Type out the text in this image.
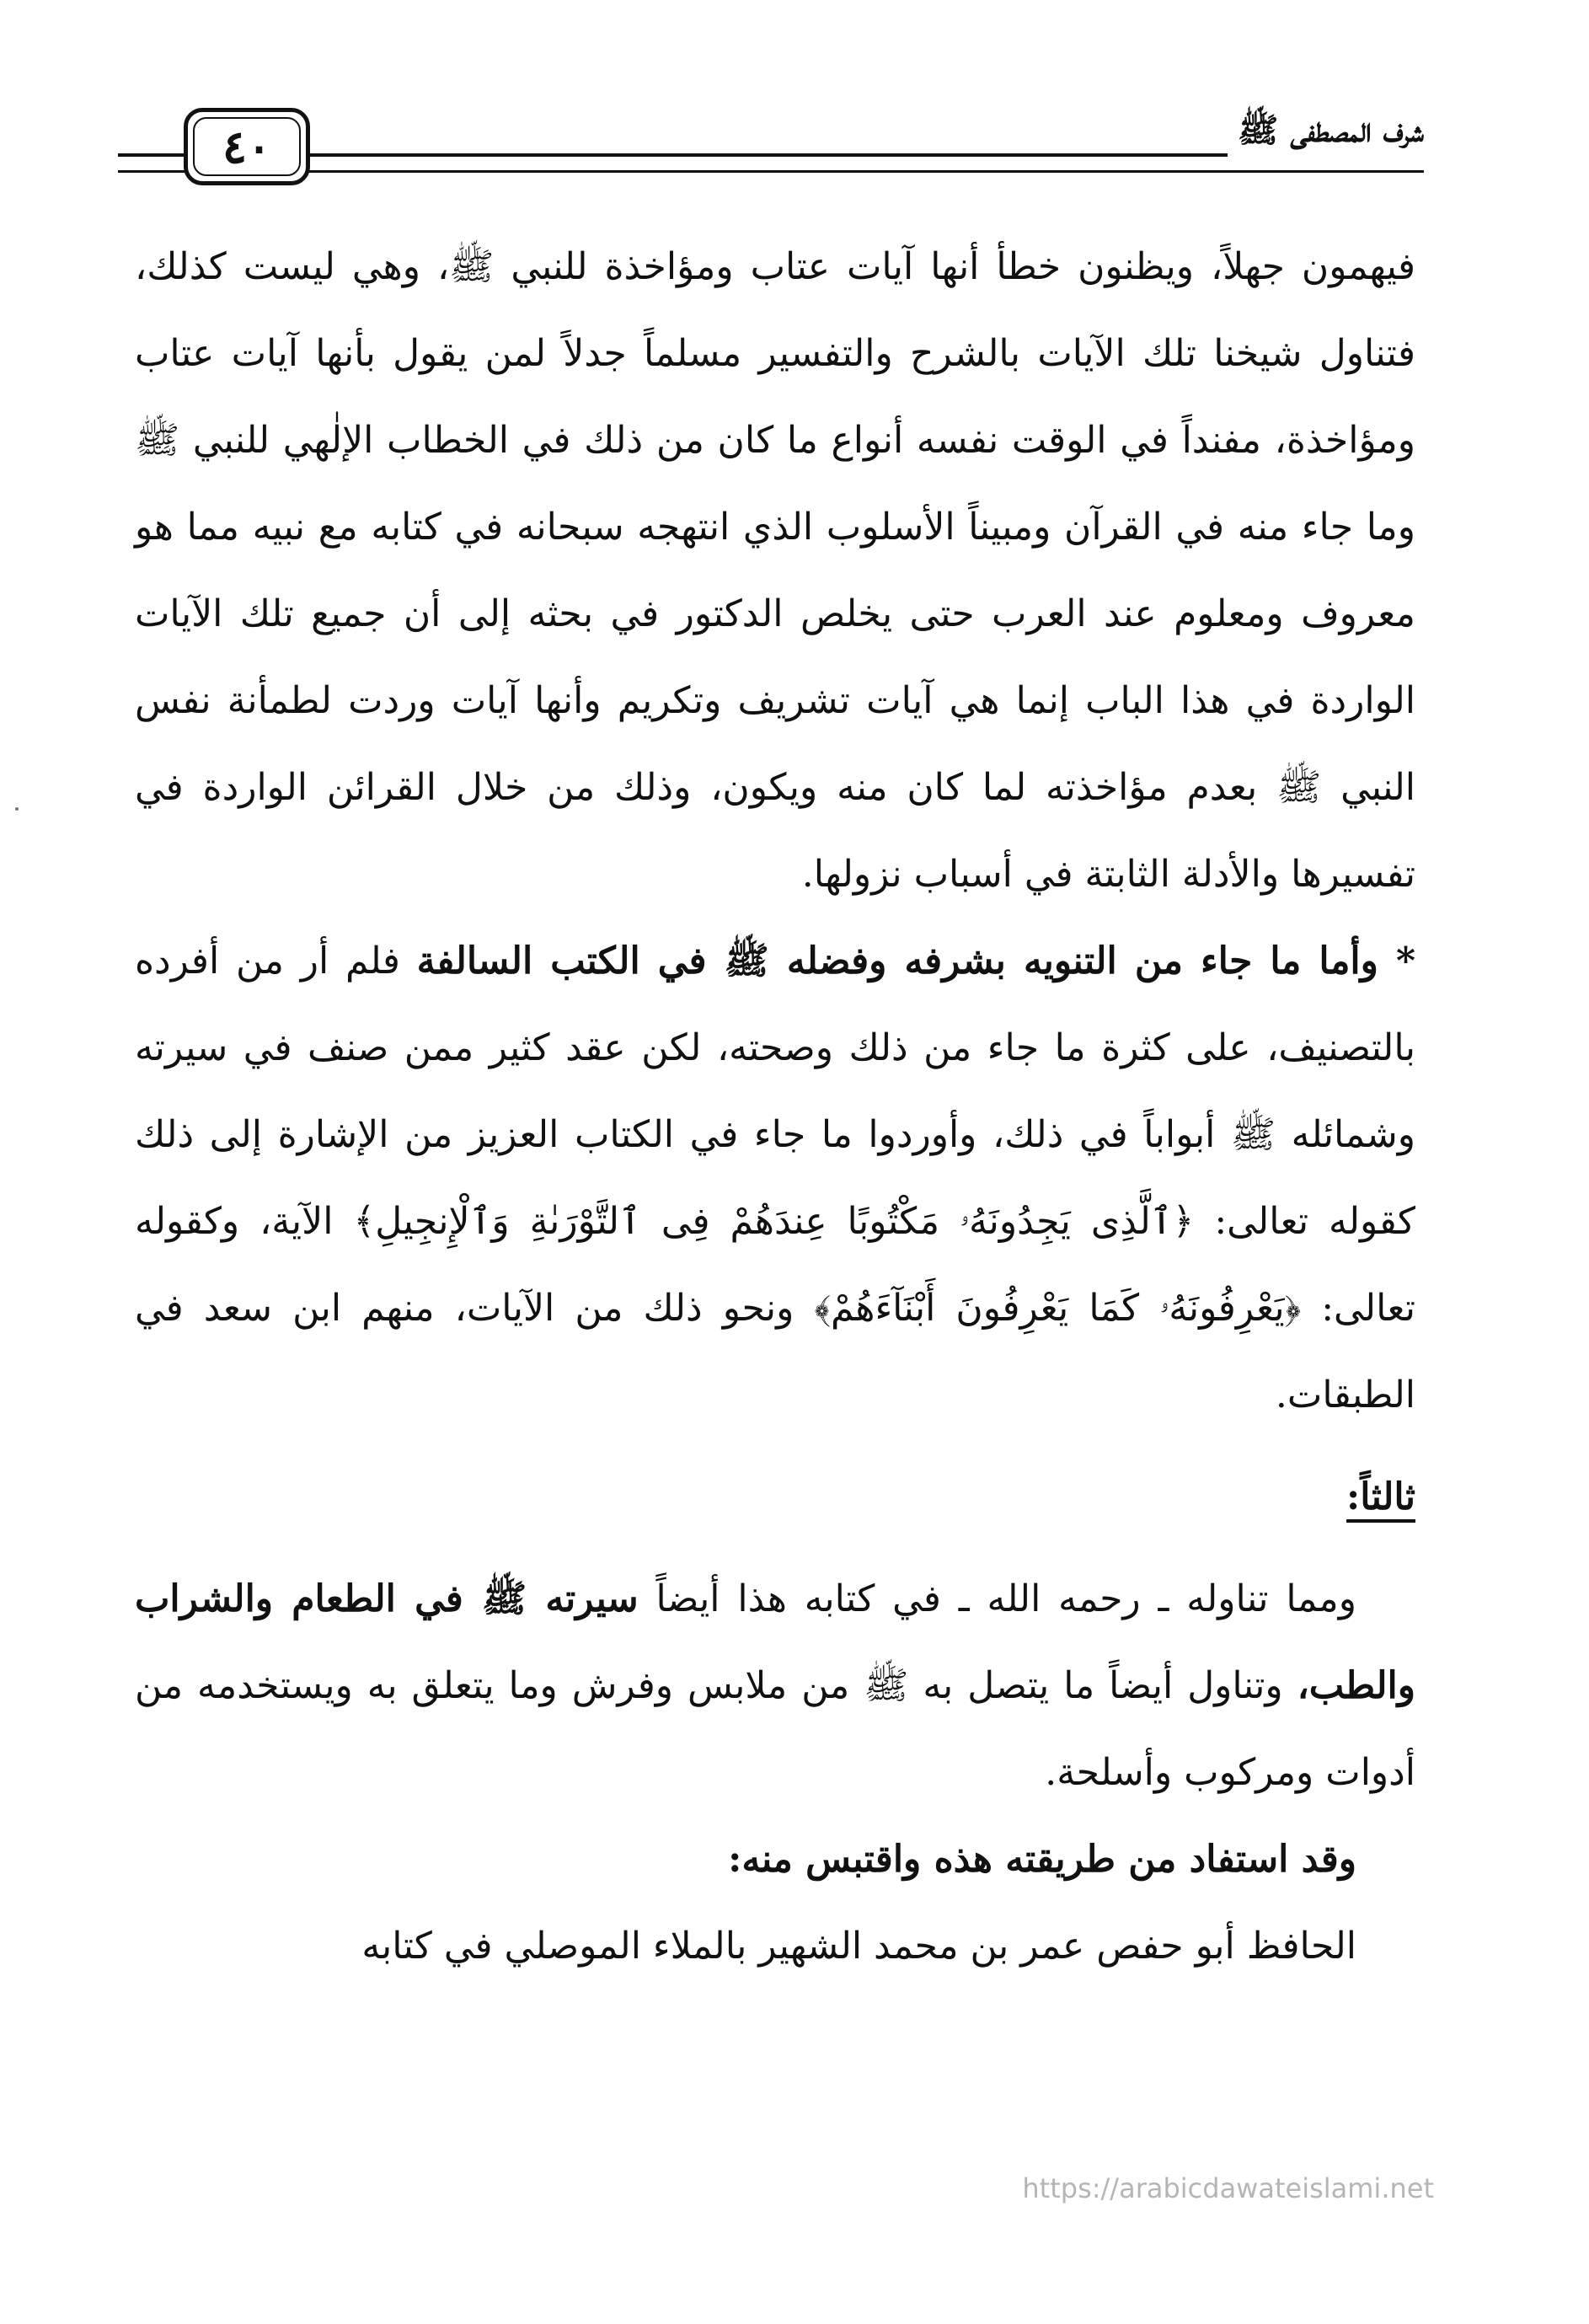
٤٠	شرف المصطفى ﷺ

فيهمون جهلاً، ويظنون خطأ أنها آيات عتاب ومؤاخذة للنبي ﷺ، وهي ليست كذلك، فتناول شيخنا تلك الآيات بالشرح والتفسير مسلماً جدلاً لمن يقول بأنها آيات عتاب ومؤاخذة، مفنداً في الوقت نفسه أنواع ما كان من ذلك في الخطاب الإلٰهي للنبي ﷺ وما جاء منه في القرآن ومبيناً الأسلوب الذي انتهجه سبحانه في كتابه مع نبيه مما هو معروف ومعلوم عند العرب حتى يخلص الدكتور في بحثه إلى أن جميع تلك الآيات الواردة في هذا الباب إنما هي آيات تشريف وتكريم وأنها آيات وردت لطمأنة نفس النبي ﷺ بعدم مؤاخذته لما كان منه ويكون، وذلك من خلال القرائن الواردة في تفسيرها والأدلة الثابتة في أسباب نزولها.

* وأما ما جاء من التنويه بشرفه وفضله ﷺ في الكتب السالفة فلم أر من أفرده بالتصنيف، على كثرة ما جاء من ذلك وصحته، لكن عقد كثير ممن صنف في سيرته وشمائله ﷺ أبواباً في ذلك، وأوردوا ما جاء في الكتاب العزيز من الإشارة إلى ذلك كقوله تعالى: ﴿ٱلَّذِى يَجِدُونَهُۥ مَكْتُوبًا عِندَهُمْ فِى ٱلتَّوْرَىٰةِ وَٱلْإِنجِيلِ﴾ الآية، وكقوله تعالى: ﴿يَعْرِفُونَهُۥ كَمَا يَعْرِفُونَ أَبْنَآءَهُمْ﴾ ونحو ذلك من الآيات، منهم ابن سعد في الطبقات.

ثالثاً:

ومما تناوله ـ رحمه الله ـ في كتابه هذا أيضاً سيرته ﷺ في الطعام والشراب والطب، وتناول أيضاً ما يتصل به ﷺ من ملابس وفرش وما يتعلق به ويستخدمه من أدوات ومركوب وأسلحة.

وقد استفاد من طريقته هذه واقتبس منه:

الحافظ أبو حفص عمر بن محمد الشهير بالملاء الموصلي في كتابه

https://arabicdawateislami.net
